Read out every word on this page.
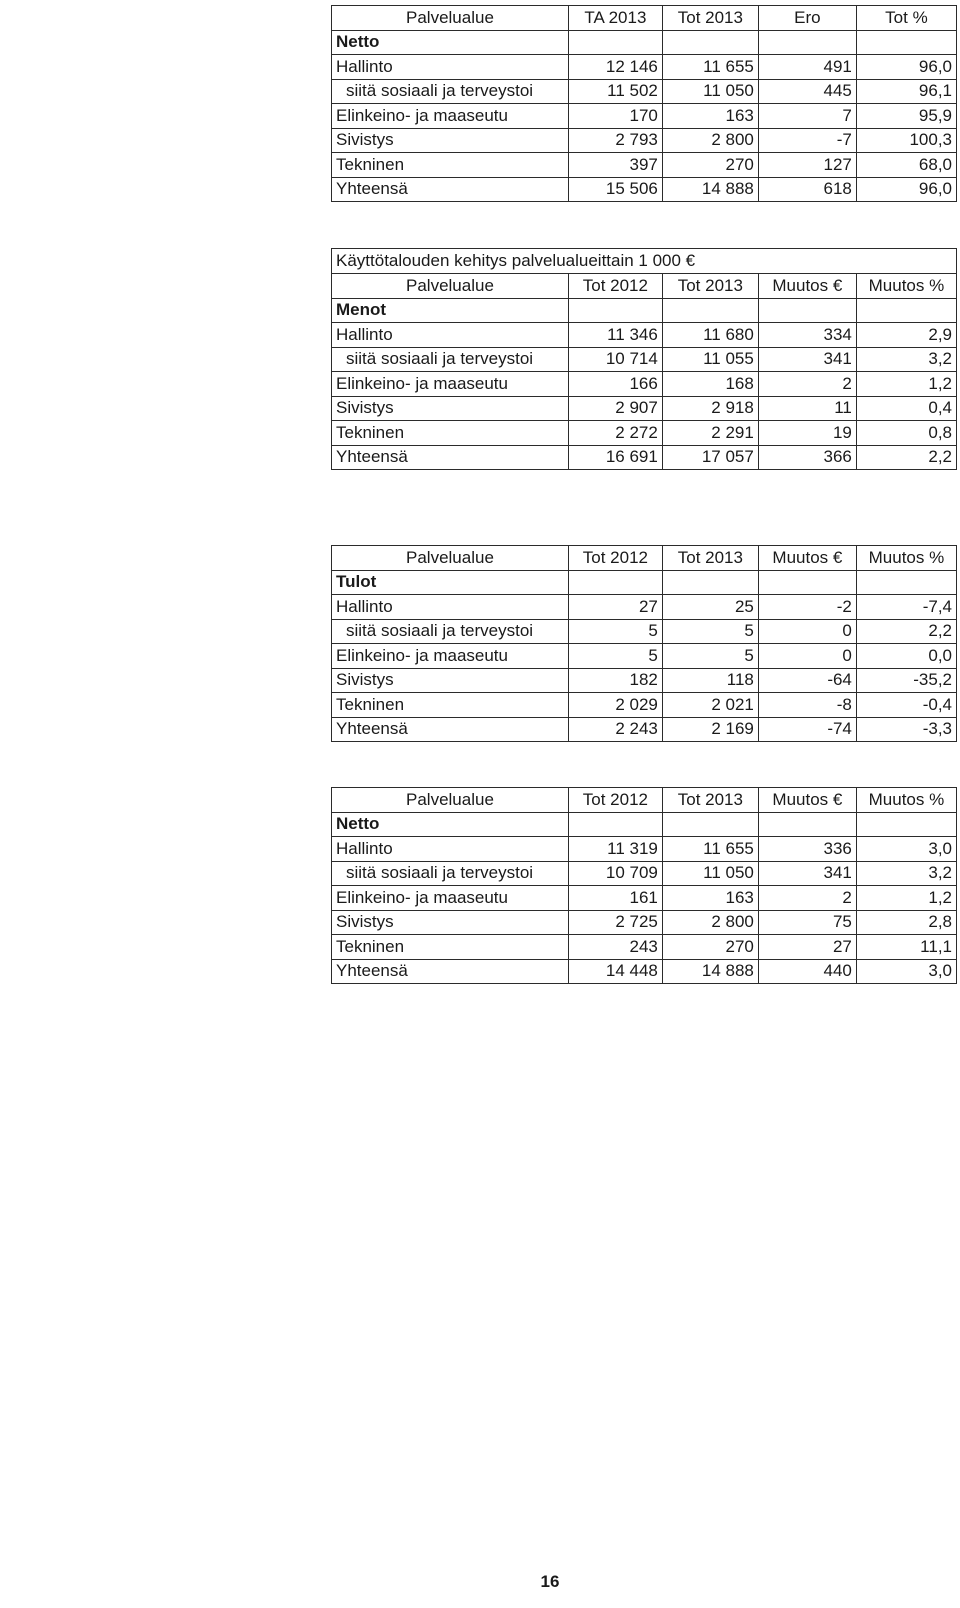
Palvelualue	TA 2013	Tot 2013	Ero	Tot %
Netto				
Hallinto	12 146	11 655	491	96,0
siitä sosiaali ja terveystoi	11 502	11 050	445	96,1
Elinkeino- ja maaseutu	170	163	7	95,9
Sivistys	2 793	2 800	-7	100,3
Tekninen	397	270	127	68,0
Yhteensä	15 506	14 888	618	96,0
Käyttötalouden kehitys palvelualueittain 1 000 €				
Palvelualue	Tot 2012	Tot 2013	Muutos €	Muutos %
Menot				
Hallinto	11 346	11 680	334	2,9
siitä sosiaali ja terveystoi	10 714	11 055	341	3,2
Elinkeino- ja maaseutu	166	168	2	1,2
Sivistys	2 907	2 918	11	0,4
Tekninen	2 272	2 291	19	0,8
Yhteensä	16 691	17 057	366	2,2
Palvelualue	Tot 2012	Tot 2013	Muutos €	Muutos %
Tulot				
Hallinto	27	25	-2	-7,4
siitä sosiaali ja terveystoi	5	5	0	2,2
Elinkeino- ja maaseutu	5	5	0	0,0
Sivistys	182	118	-64	-35,2
Tekninen	2 029	2 021	-8	-0,4
Yhteensä	2 243	2 169	-74	-3,3
Palvelualue	Tot 2012	Tot 2013	Muutos €	Muutos %
Netto				
Hallinto	11 319	11 655	336	3,0
siitä sosiaali ja terveystoi	10 709	11 050	341	3,2
Elinkeino- ja maaseutu	161	163	2	1,2
Sivistys	2 725	2 800	75	2,8
Tekninen	243	270	27	11,1
Yhteensä	14 448	14 888	440	3,0
16
